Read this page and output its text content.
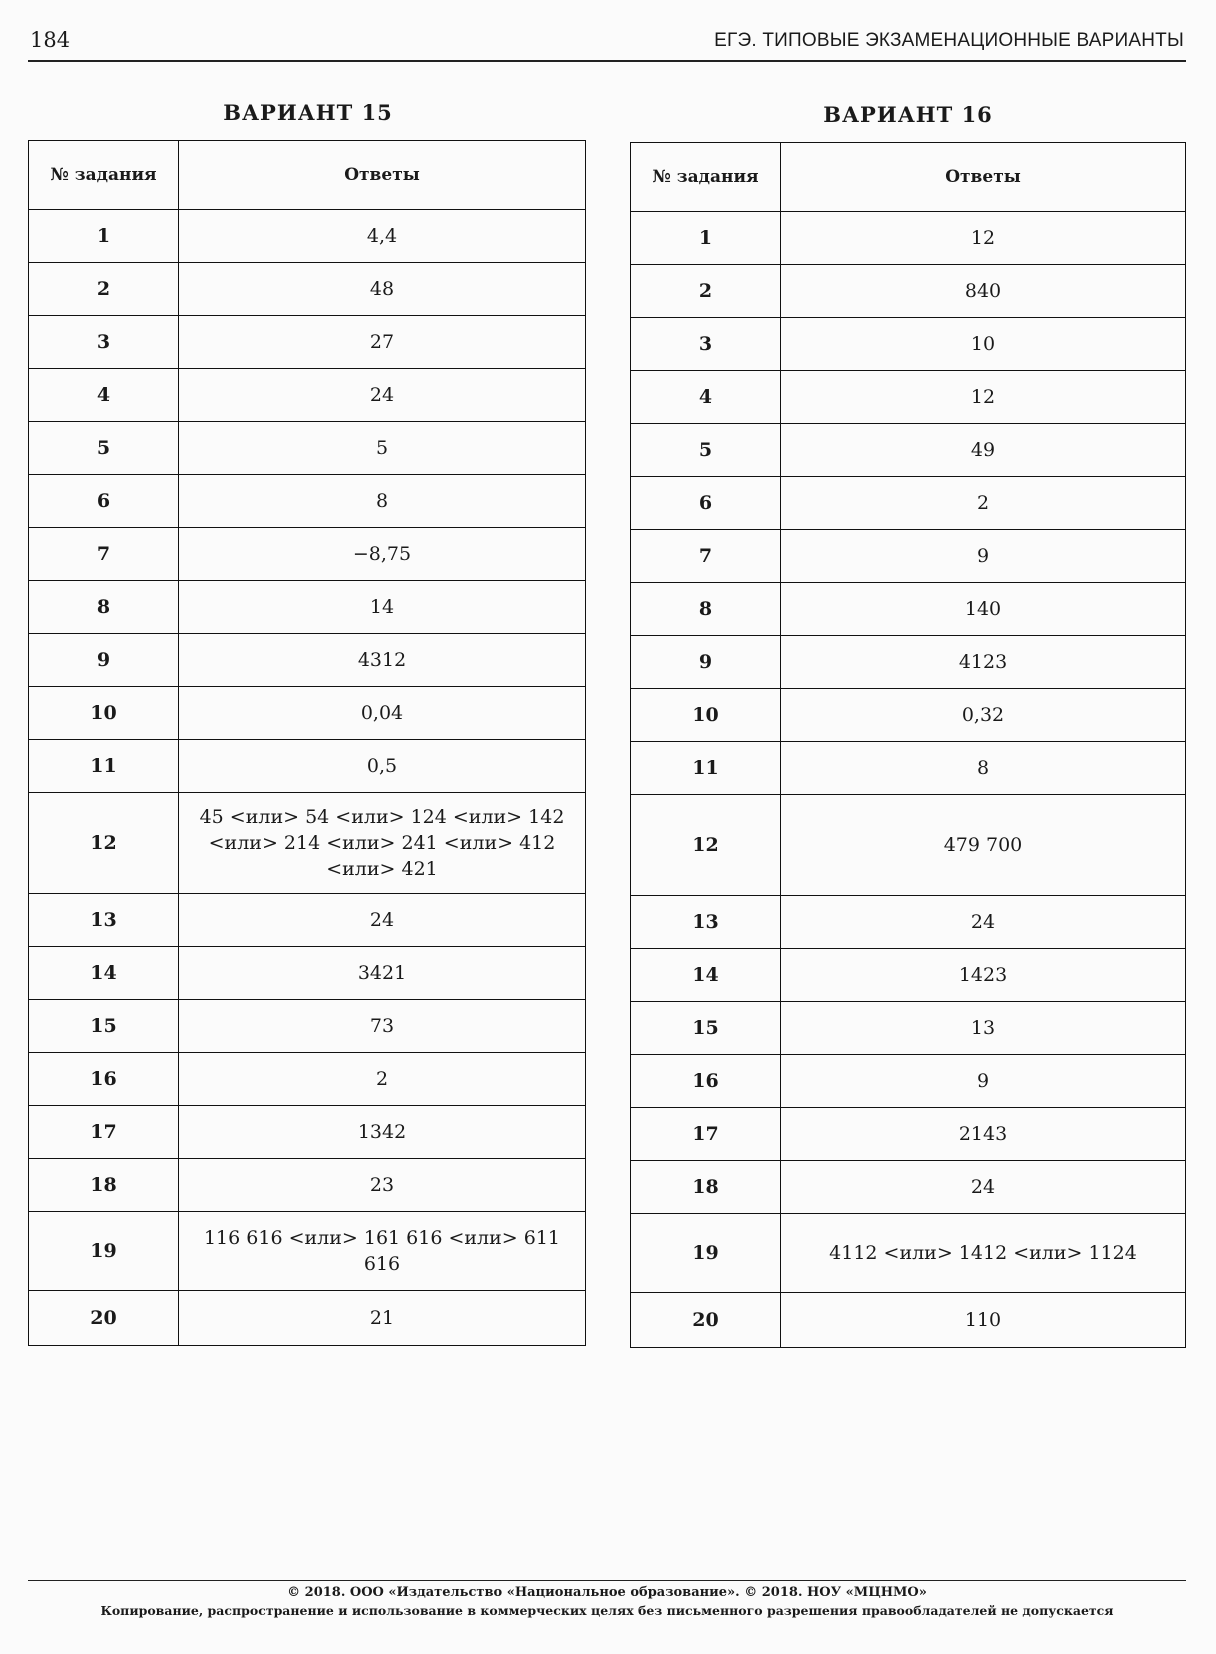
184	ЕГЭ. ТИПОВЫЕ ЭКЗАМЕНАЦИОННЫЕ ВАРИАНТЫ
ВАРИАНТ 15
№ задания	Ответы
1	4,4
2	48
3	27
4	24
5	5
6	8
7	−8,75
8	14
9	4312
10	0,04
11	0,5
12	45 <или> 54 <или> 124 <или> 142 <или> 214 <или> 241 <или> 412 <или> 421
13	24
14	3421
15	73
16	2
17	1342
18	23
19	116 616 <или> 161 616 <или> 611 616
20	21
ВАРИАНТ 16
№ задания	Ответы
1	12
2	840
3	10
4	12
5	49
6	2
7	9
8	140
9	4123
10	0,32
11	8
12	479 700
13	24
14	1423
15	13
16	9
17	2143
18	24
19	4112 <или> 1412 <или> 1124
20	110
© 2018. ООО «Издательство «Национальное образование». © 2018. НОУ «МЦНМО»
Копирование, распространение и использование в коммерческих целях без письменного разрешения правообладателей не допускается
